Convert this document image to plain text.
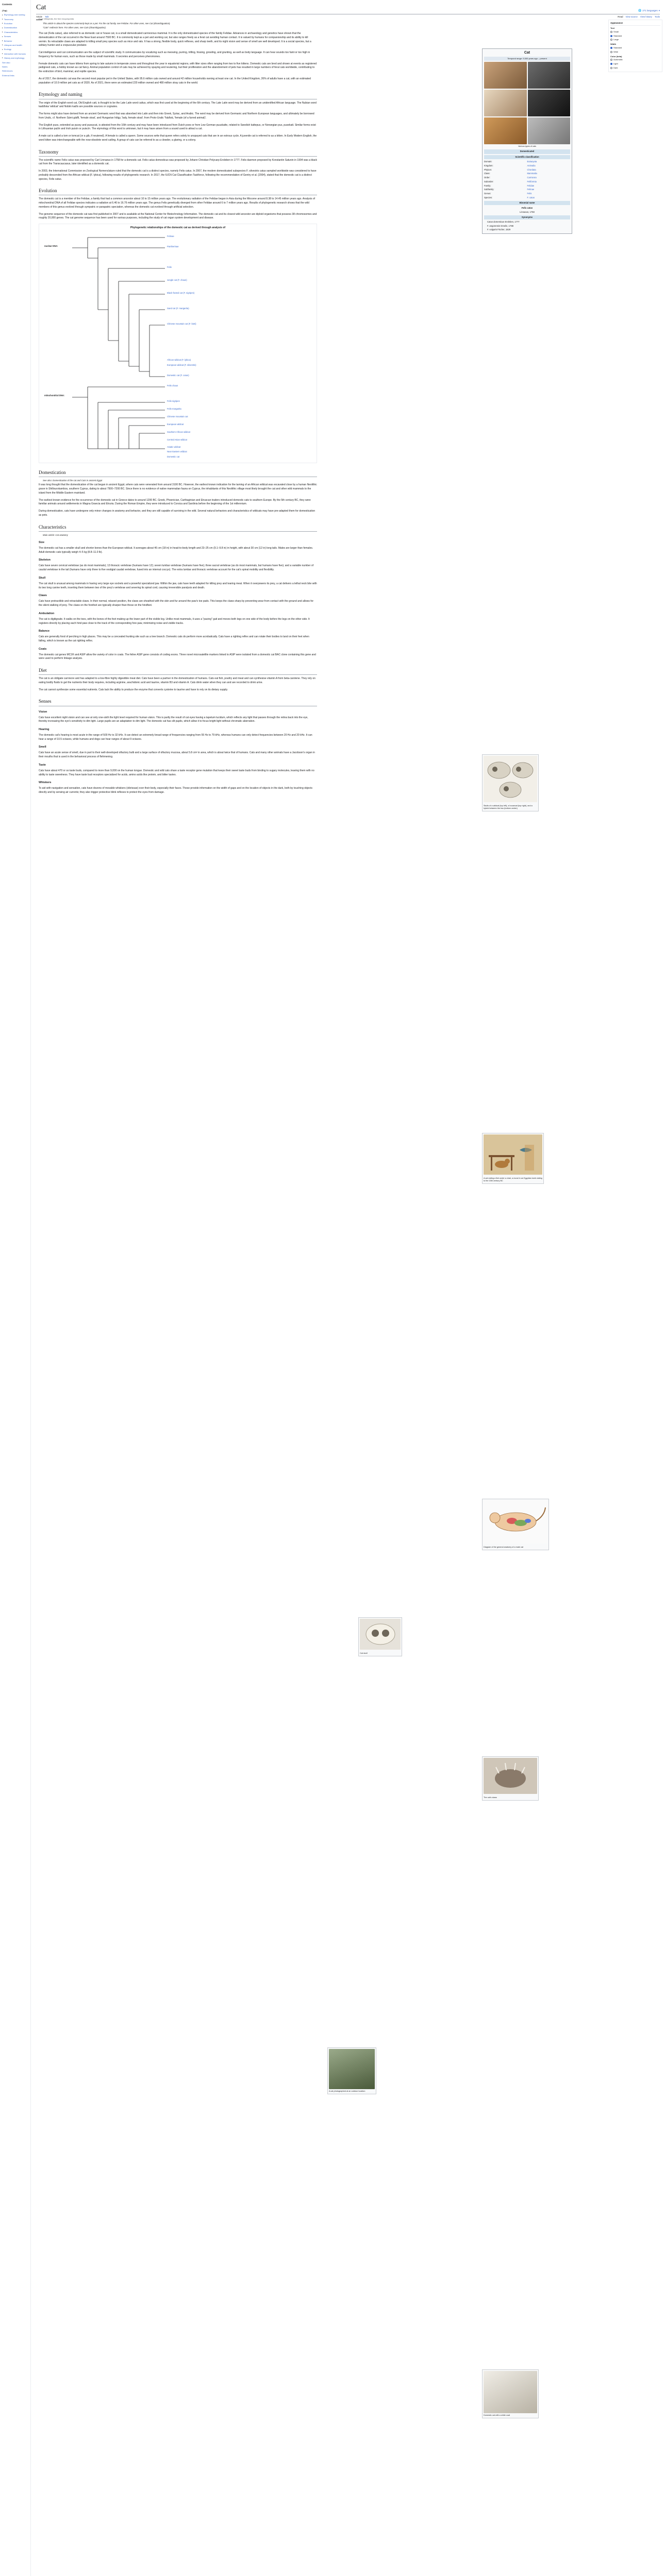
Contents
(Top)
▸ Etymology and naming
▸ Taxonomy
▸ Evolution
▸ Domestication
▸ Characteristics
▸ Senses
▸ Behavior
▸ Lifespan and health
▸ Ecology
▸ Interaction with humans
▸ History and mythology
See also
Notes
References
External links
Cat	🌐 271 languages ▾
Article Talk	Read View source View history Tools
Appearance
Text
Small
Standard
Large
Width
Standard
Wide
Color (beta)
Automatic
Light
Dark
From Wikipedia, the free encyclopedia
This article is about the species commonly kept as a pet. For the cat family, see Felidae. For other uses, see Cat (disambiguation).
"Cats" redirects here. For other uses, see Cats (disambiguation).

The cat (Felis catus), also referred to as domestic cat or house cat, is a small domesticated carnivorous mammal. It is the only domesticated species of the family Felidae. Advances in archaeology and genetics have shown that the domestication of the cat occurred in the Near East around 7500 BC. It is commonly kept as a pet and working cat, but also ranges freely as a feral cat avoiding human contact. It is valued by humans for companionship and its ability to kill vermin. Its retractable claws are adapted to killing small prey species such as mice and rats. It has a strong, flexible body, quick reflexes, and sharp teeth, and its night vision and sense of smell are well developed. It is a social species, but a solitary hunter and a crepuscular predator.

Cat intelligence and cat communication are the subject of scientific study. It communicates by vocalizing such as meowing, purring, trilling, hissing, growling, and grunting, as well as body language. It can hear sounds too faint or too high in frequency for human ears, such as those made by small mammals. It secretes and perceives pheromones.

Female domestic cats can have kittens from spring to late autumn in temperate zones and throughout the year in equatorial regions, with litter sizes often ranging from two to five kittens. Domestic cats are bred and shown at events as registered pedigreed cats, a hobby known as cat fancy. Animal population control of cats may be achieved by spaying and neutering, but their proliferation and the abandonment of pets has resulted in large numbers of feral cats worldwide, contributing to the extinction of bird, mammal, and reptile species.

As of 2017, the domestic cat was the second most popular pet in the United States, with 95.6 million cats owned and around 42 million households owning at least one cat. In the United Kingdom, 26% of adults have a cat, with an estimated population of 10.9 million pet cats as of 2020. As of 2021, there were an estimated 220 million owned and 480 million stray cats in the world.

Etymology and naming

The origin of the English word cat, Old English catt, is thought to be the Late Latin word cattus, which was first used at the beginning of the 6th century. The Late Latin word may be derived from an unidentified African language. The Nubian word kaddîska 'wildcat' and Nobiin kadīs are possible sources or cognates.

The forms might also have derived from an ancient Germanic word that was absorbed into Latin and then into Greek, Syriac, and Arabic. The word may be derived from Germanic and Northern European languages, and ultimately be borrowed from Uralic, cf. Northern Sámi gáđfi, 'female stoat', and Hungarian hölgy, 'lady, female stoat'; from Proto-Uralic *käďwä, 'female (of a furred animal)'.

The English puss, extended as pussy and pussycat, is attested from the 16th century and may have been introduced from Dutch poes or from Low German puuskatte, related to Swedish kattepus, or Norwegian pus, pusekatt. Similar forms exist in Lithuanian puižė and Irish puisín or puiscín. The etymology of this word is unknown, but it may have arisen from a sound used to attract a cat.

A male cat is called a tom or tomcat (or a gib, if neutered). A female is called a queen. Some sources write that queen refers solely to unspayed cats that are in an estrous cycle. A juvenile cat is referred to as a kitten. In Early Modern English, the word kitten was interchangeable with the now-obsolete word catling. A group of cats can be referred to as a clowder, a glaring, or a colony.

Taxonomy

The scientific name Felis catus was proposed by Carl Linnaeus in 1758 for a domestic cat. Felis catus domesticus was proposed by Johann Christian Polycarp Erxleben in 1777. Felis daemon proposed by Konstantin Satunin in 1904 was a black cat from the Transcaucasus, later identified as a domestic cat.

In 2003, the International Commission on Zoological Nomenclature ruled that the domestic cat is a distinct species, namely Felis catus. In 2007, the modern domesticated subspecies F. silvestris catus sampled worldwide was considered to have probably descended from the African wildcat (F. lybica), following results of phylogenetic research. In 2017, the IUCN Cat Classification Taskforce, following the recommendation of Gentry et al. (2004), stated that the domestic cat is a distinct species, Felis catus.

Evolution

The domestic cat is a member of the Felidae, a family that had a common ancestor about 10 to 15 million years ago. The evolutionary radiation of the Felidae began in Asia during the Miocene around 8.38 to 14.45 million years ago. Analysis of mitochondrial DNA of all Felidae species indicates a radiation at 6.46 to 16.76 million years ago. The genus Felis genetically diverged from other Felidae around 6 to 7 million years ago. Results of phylogenetic research shows that the wild members of this genus evolved through sympatric or parapatric speciation, whereas the domestic cat evolved through artificial selection.

The genome sequence of the domestic cat was first published in 2007 and is available at the National Center for Biotechnology Information. The domestic cat and its closest wild ancestor are diploid organisms that possess 38 chromosomes and roughly 20,000 genes. The cat genome sequence has been used for various purposes, including the study of cat organ system development and disease.

Phylogenetic relationships of the domestic cat as derived through analysis of
nuclear DNA:
mitochondrial DNA:
Felinae
Pantherinae
Felis
Jungle cat (F. chaus)
Black-footed cat (F. nigripes)
Sand cat (F. margarita)
Chinese mountain cat (F. bieti)
African wildcat (F. lybica)
European wildcat (F. silvestris)
Domestic cat (F. catus)
Felis chaus
Felis nigripes
Felis margarita
Chinese mountain cat
European wildcat
Southern African wildcat
Central Asian wildcat
Asiatic wildcat
Near Eastern wildcat
Domestic cat
Domestication
See also: Domestication of the cat and Cats in ancient Egypt

It was long thought that the domestication of the cat began in ancient Egypt, where cats were venerated from around 3100 BC. However, the earliest known indication for the taming of an African wildcat was excavated close by a human Neolithic grave in Shillourokambos, southern Cyprus, dating to about 7500–7200 BC. Since there is no evidence of native mammalian fauna on Cyprus, the inhabitants of this Neolithic village most likely brought the cat and other wild mammals to the island from the Middle Eastern mainland.

The earliest known evidence for the occurrence of the domestic cat in Greece dates to around 1200 BC. Greek, Phoenician, Carthaginian and Etruscan traders introduced domestic cats to southern Europe. By the 5th century BC, they were familiar animals around settlements in Magna Graecia and Etruria. During the Roman Empire, they were introduced to Corsica and Sardinia before the beginning of the 1st millennium.

During domestication, cats have undergone only minor changes in anatomy and behavior, and they are still capable of surviving in the wild. Several natural behaviors and characteristics of wildcats may have pre-adapted them for domestication as pets.

Characteristics
Main article: Cat anatomy
Size

The domestic cat has a smaller skull and shorter bones than the European wildcat. It averages about 46 cm (18 in) in head-to-body length and 23–25 cm (9.1–9.8 in) in height, with about 30 cm (12 in) long tails. Males are larger than females. Adult domestic cats typically weigh 4–5 kg (8.8–11.0 lb).

Skeleton

Cats have seven cervical vertebrae (as do most mammals); 13 thoracic vertebrae (humans have 12); seven lumbar vertebrae (humans have five); three sacral vertebrae (as do most mammals, but humans have five); and a variable number of caudal vertebrae in the tail (humans have only three to five vestigial caudal vertebrae, fused into an internal coccyx). The extra lumbar and thoracic vertebrae account for the cat's spinal mobility and flexibility.

Skull

The cat skull is unusual among mammals in having very large eye sockets and a powerful specialized jaw. Within the jaw, cats have teeth adapted for killing prey and tearing meat. When it overpowers its prey, a cat delivers a lethal neck bite with its two long canine teeth, inserting them between two of the prey's vertebrae and severing its spinal cord, causing irreversible paralysis and death.

Claws

Cats have protractible and retractable claws. In their normal, relaxed position, the claws are sheathed with the skin and fur around the paw's toe pads. This keeps the claws sharp by preventing wear from contact with the ground and allows for the silent stalking of prey. The claws on the forefeet are typically sharper than those on the hindfeet.

Ambulation

The cat is digitigrade. It walks on the toes, with the bones of the feet making up the lower part of the visible leg. Unlike most mammals, it uses a "pacing" gait and moves both legs on one side of the body before the legs on the other side. It registers directly by placing each hind paw close to the track of the corresponding fore paw, minimizing noise and visible tracks.

Balance

Cats are generally fond of perching in high places. This may be a concealed hunting site such as a tree branch. Domestic cats do perform more acrobatically. Cats have a righting reflex and can rotate their bodies to land on their feet when falling, which is known as the cat righting reflex.

Coats

The domestic cat genes MC1R and ASIP allow the variety of color in coats. The feline ASIP gene consists of coding exons. Three novel microsatellite markers linked to ASIP were isolated from a domestic cat BAC clone containing this gene and were used to perform linkage analysis.

Diet

The cat is an obligate carnivore and has adapted to a low-fibre highly digestible meat diet. Cats have been a partner in the domestication of humans. Cats eat fish, poultry and meat and can synthesise vitamin A from beta-carotene. They rely on eating bodily fluids to get the nutrients their body requires, including arginine, arachidonic acid and taurine, vitamin B3 and vitamin A. Cats drink water when they can and are recorded to drink urine.

The cat cannot synthesize some essential nutrients. Cats lack the ability to produce the enzyme that converts cysteine to taurine and have to rely on its dietary supply.

Senses
Vision

Cats have excellent night vision and can see at only one-sixth the light level required for human vision. This is partly the result of cat eyes having a tapetum lucidum, which reflects any light that passes through the retina back into the eye, thereby increasing the eye's sensitivity to dim light. Large pupils are an adaptation to dim light. The domestic cat has slit pupils, which allow it to focus bright light without chromatic aberration.

Hearing

The domestic cat's hearing is most acute in the range of 500 Hz to 32 kHz. It can detect an extremely broad range of frequencies ranging from 55 Hz to 79 kHz, whereas humans can only detect frequencies between 20 Hz and 20 kHz. It can hear a range of 10.5 octaves, while humans and dogs can hear ranges of about 9 octaves.

Smell

Cats have an acute sense of smell, due in part to their well-developed olfactory bulb and a large surface of olfactory mucosa, about 5.8 cm² in area, which is about twice that of humans. Cats and many other animals have a Jacobson's organ in their mouths that is used in the behavioral process of flehmening.

Taste

Cats have about 470 or so taste buds, compared to more than 9,000 on the human tongue. Domestic and wild cats share a taste receptor gene mutation that keeps their sweet taste buds from binding to sugary molecules, leaving them with no ability to taste sweetness. They have taste bud receptors specialized for acids, amino acids like protein, and bitter tastes.

Whiskers

To aid with navigation and sensation, cats have dozens of movable whiskers (vibrissae) over their body, especially their faces. These provide information on the width of gaps and on the location of objects in the dark, both by touching objects directly and by sensing air currents; they also trigger protective blink reflexes to protect the eyes from damage.

Cat
Temporal range: 9,500 years ago – present
Various types of cats
Domesticated
Scientific classification
Domain:	Eukaryota
Kingdom:	Animalia
Phylum:	Chordata
Class:	Mammalia
Order:	Carnivora
Suborder:	Feliformia
Family:	Felidae
Subfamily:	Felinae
Genus:	Felis
Species:	F. catus
Binomial name
Felis catus
Linnaeus, 1758
Synonyms
Catus domesticus Erxleben, 1777
F. angorensis Gmelin, 1788
F. vulgaris Fischer, 1829
Skulls of a wildcat (top left), a housecat (top right), and a hybrid between the two (bottom center)
A cat eating a fish under a chair, a mural in an Egyptian tomb dating to the 15th century BC
Diagram of the general anatomy of a male cat
Cat skull
The cat's claws
A cat photographed at an outdoor location
Domestic cat with a white coat
